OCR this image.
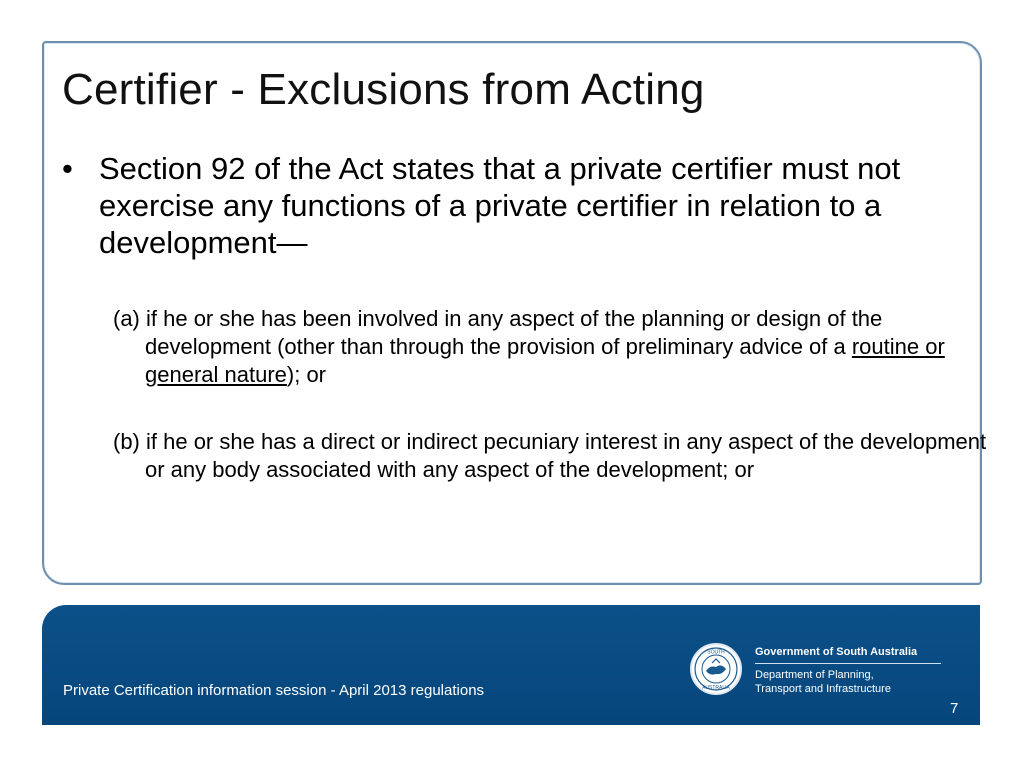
Certifier - Exclusions from Acting
• Section 92 of the Act states that a private certifier must not exercise any functions of a private certifier in relation to a development—
(a) if he or she has been involved in any aspect of the planning or design of the development (other than through the provision of preliminary advice of a routine or general nature); or
(b) if he or she has a direct or indirect pecuniary interest in any aspect of the development or any body associated with any aspect of the development; or
SOUTH
AUSTRALIA
Government of South Australia
Department of Planning,
Transport and Infrastructure
Private Certification information session - April 2013 regulations
7
